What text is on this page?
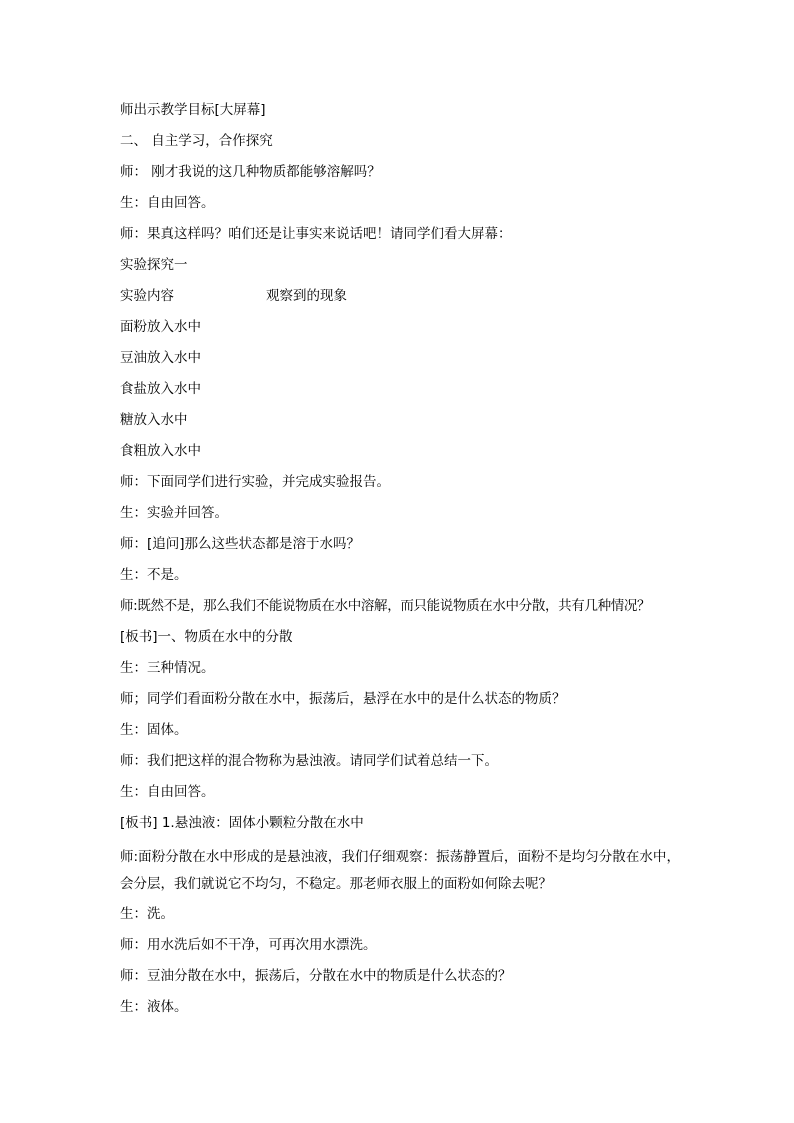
师出示教学目标[大屏幕]
二、 自主学习，合作探究
师： 刚才我说的这几种物质都能够溶解吗？
生：自由回答。
师：果真这样吗？咱们还是让事实来说话吧！请同学们看大屏幕：
实验探究一
实验内容	观察到的现象
面粉放入水中
豆油放入水中
食盐放入水中
糖放入水中
食粗放入水中
师：下面同学们进行实验，并完成实验报告。
生：实验并回答。
师：[追问]那么这些状态都是溶于水吗？
生：不是。
师:既然不是，那么我们不能说物质在水中溶解，而只能说物质在水中分散，共有几种情况？
[板书]一、物质在水中的分散
生：三种情况。
师；同学们看面粉分散在水中，振荡后，悬浮在水中的是什么状态的物质？
生：固体。
师：我们把这样的混合物称为悬浊液。请同学们试着总结一下。
生：自由回答。
[板书] 1.悬浊液：固体小颗粒分散在水中
师:面粉分散在水中形成的是悬浊液，我们仔细观察：振荡静置后，面粉不是均匀分散在水中，会分层，我们就说它不均匀，不稳定。那老师衣服上的面粉如何除去呢？
生：洗。
师：用水洗后如不干净，可再次用水漂洗。
师：豆油分散在水中，振荡后，分散在水中的物质是什么状态的？
生：液体。
